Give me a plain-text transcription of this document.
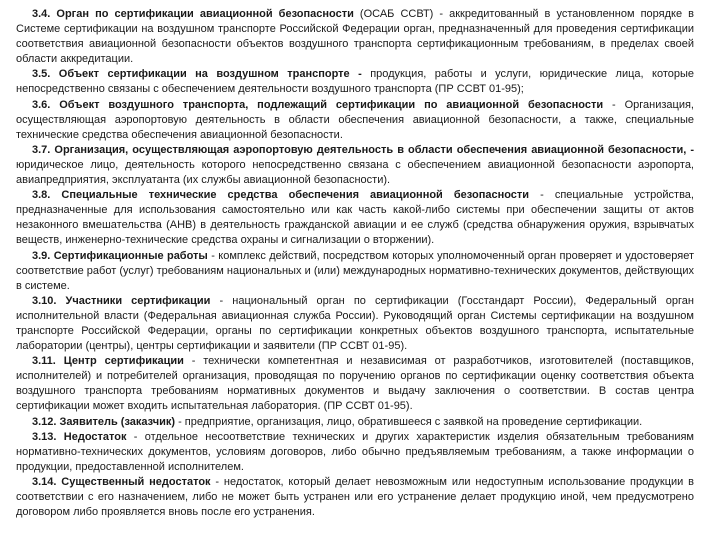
3.4. Орган по сертификации авиационной безопасности (ОСАБ ССВТ) - аккредитованный в установленном порядке в Системе сертификации на воздушном транспорте Российской Федерации орган, предназначенный для проведения сертификации соответствия авиационной безопасности объектов воздушного транспорта сертификационным требованиям, в пределах своей области аккредитации.

3.5. Объект сертификации на воздушном транспорте - продукция, работы и услуги, юридические лица, которые непосредственно связаны с обеспечением деятельности воздушного транспорта (ПР ССВТ 01-95);

3.6. Объект воздушного транспорта, подлежащий сертификации по авиационной безопасности - Организация, осуществляющая аэропортовую деятельность в области обеспечения авиационной безопасности, а также, специальные технические средства обеспечения авиационной безопасности.

3.7. Организация, осуществляющая аэропортовую деятельность в области обеспечения авиационной безопасности, - юридическое лицо, деятельность которого непосредственно связана с обеспечением авиационной безопасности аэропорта, авиапредприятия, эксплуатанта (их службы авиационной безопасности).

3.8. Специальные технические средства обеспечения авиационной безопасности - специальные устройства, предназначенные для использования самостоятельно или как часть какой-либо системы при обеспечении защиты от актов незаконного вмешательства (АНВ) в деятельность гражданской авиации и ее служб (средства обнаружения оружия, взрывчатых веществ, инженерно-технические средства охраны и сигнализации о вторжении).

3.9. Сертификационные работы - комплекс действий, посредством которых уполномоченный орган проверяет и удостоверяет соответствие работ (услуг) требованиям национальных и (или) международных нормативно-технических документов, действующих в системе.

3.10. Участники сертификации - национальный орган по сертификации (Госстандарт России), Федеральный орган исполнительной власти (Федеральная авиационная служба России). Руководящий орган Системы сертификации на воздушном транспорте Российской Федерации, органы по сертификации конкретных объектов воздушного транспорта, испытательные лаборатории (центры), центры сертификации и заявители (ПР ССВТ 01-95).

3.11. Центр сертификации - технически компетентная и независимая от разработчиков, изготовителей (поставщиков, исполнителей) и потребителей организация, проводящая по поручению органов по сертификации оценку соответствия объекта воздушного транспорта требованиям нормативных документов и выдачу заключения о соответствии. В состав центра сертификации может входить испытательная лаборатория. (ПР ССВТ 01-95).

3.12. Заявитель (заказчик) - предприятие, организация, лицо, обратившееся с заявкой на проведение сертификации.

3.13. Недостаток - отдельное несоответствие технических и других характеристик изделия обязательным требованиям нормативно-технических документов, условиям договоров, либо обычно предъявляемым требованиям, а также информации о продукции, предоставленной исполнителем.

3.14. Существенный недостаток - недостаток, который делает невозможным или недоступным использование продукции в соответствии с его назначением, либо не может быть устранен или его устранение делает продукцию иной, чем предусмотрено договором либо проявляется вновь после его устранения.
